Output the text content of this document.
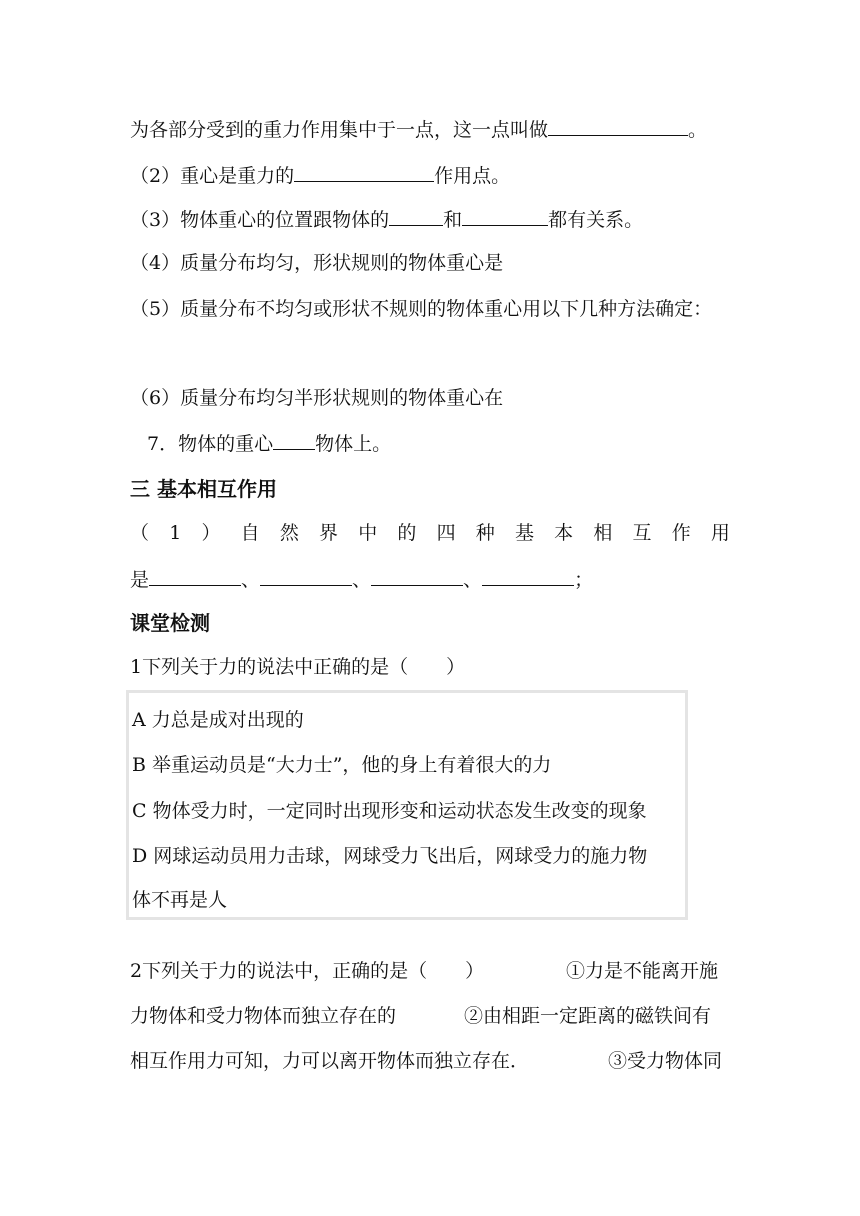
为各部分受到的重力作用集中于一点，这一点叫做	。
（2）重心是重力的	作用点。
（3）物体重心的位置跟物体的	和	都有关系。
（4）质量分布均匀，形状规则的物体重心是
（5）质量分布不均匀或形状不规则的物体重心用以下几种方法确定：
（6）质量分布均匀半形状规则的物体重心在
7．物体的重心 物体上。
三 基本相互作用
（ 1 ） 自 然 界 中 的 四 种 基 本 相 互 作 用
是	、	、	、	；
课堂检测
1下列关于力的说法中正确的是（　　）
A 力总是成对出现的
B 举重运动员是“大力士”，他的身上有着很大的力
C 物体受力时，一定同时出现形变和运动状态发生改变的现象
D 网球运动员用力击球，网球受力飞出后，网球受力的施力物
体不再是人
2下列关于力的说法中，正确的是（　　）	①力是不能离开施
力物体和受力物体而独立存在的	②由相距一定距离的磁铁间有
相互作用力可知，力可以离开物体而独立存在．	③受力物体同
